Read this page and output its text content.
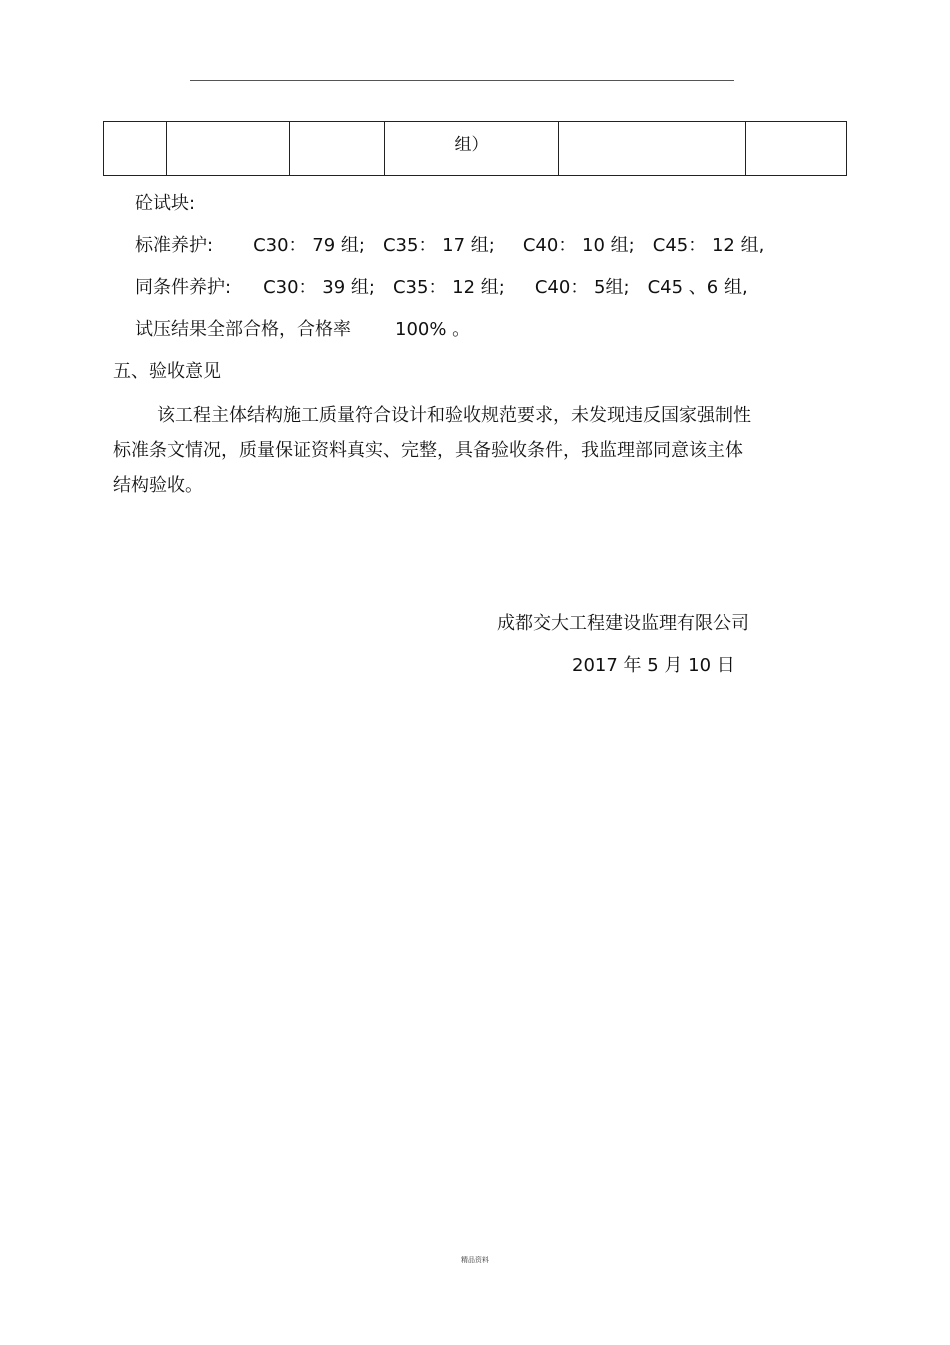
组）

砼试块:
标准养护: C30： 79 组; C35： 17 组; C40： 10 组; C45： 12 组,
同条件养护: C30： 39 组; C35： 12 组; C40： 5组; C45 、6 组,
试压结果全部合格，合格率 100% 。
五、验收意见
该工程主体结构施工质量符合设计和验收规范要求，未发现违反国家强制性标准条文情况，质量保证资料真实、完整，具备验收条件，我监理部同意该主体结构验收。
成都交大工程建设监理有限公司
2017 年 5 月 10 日
精品资料
